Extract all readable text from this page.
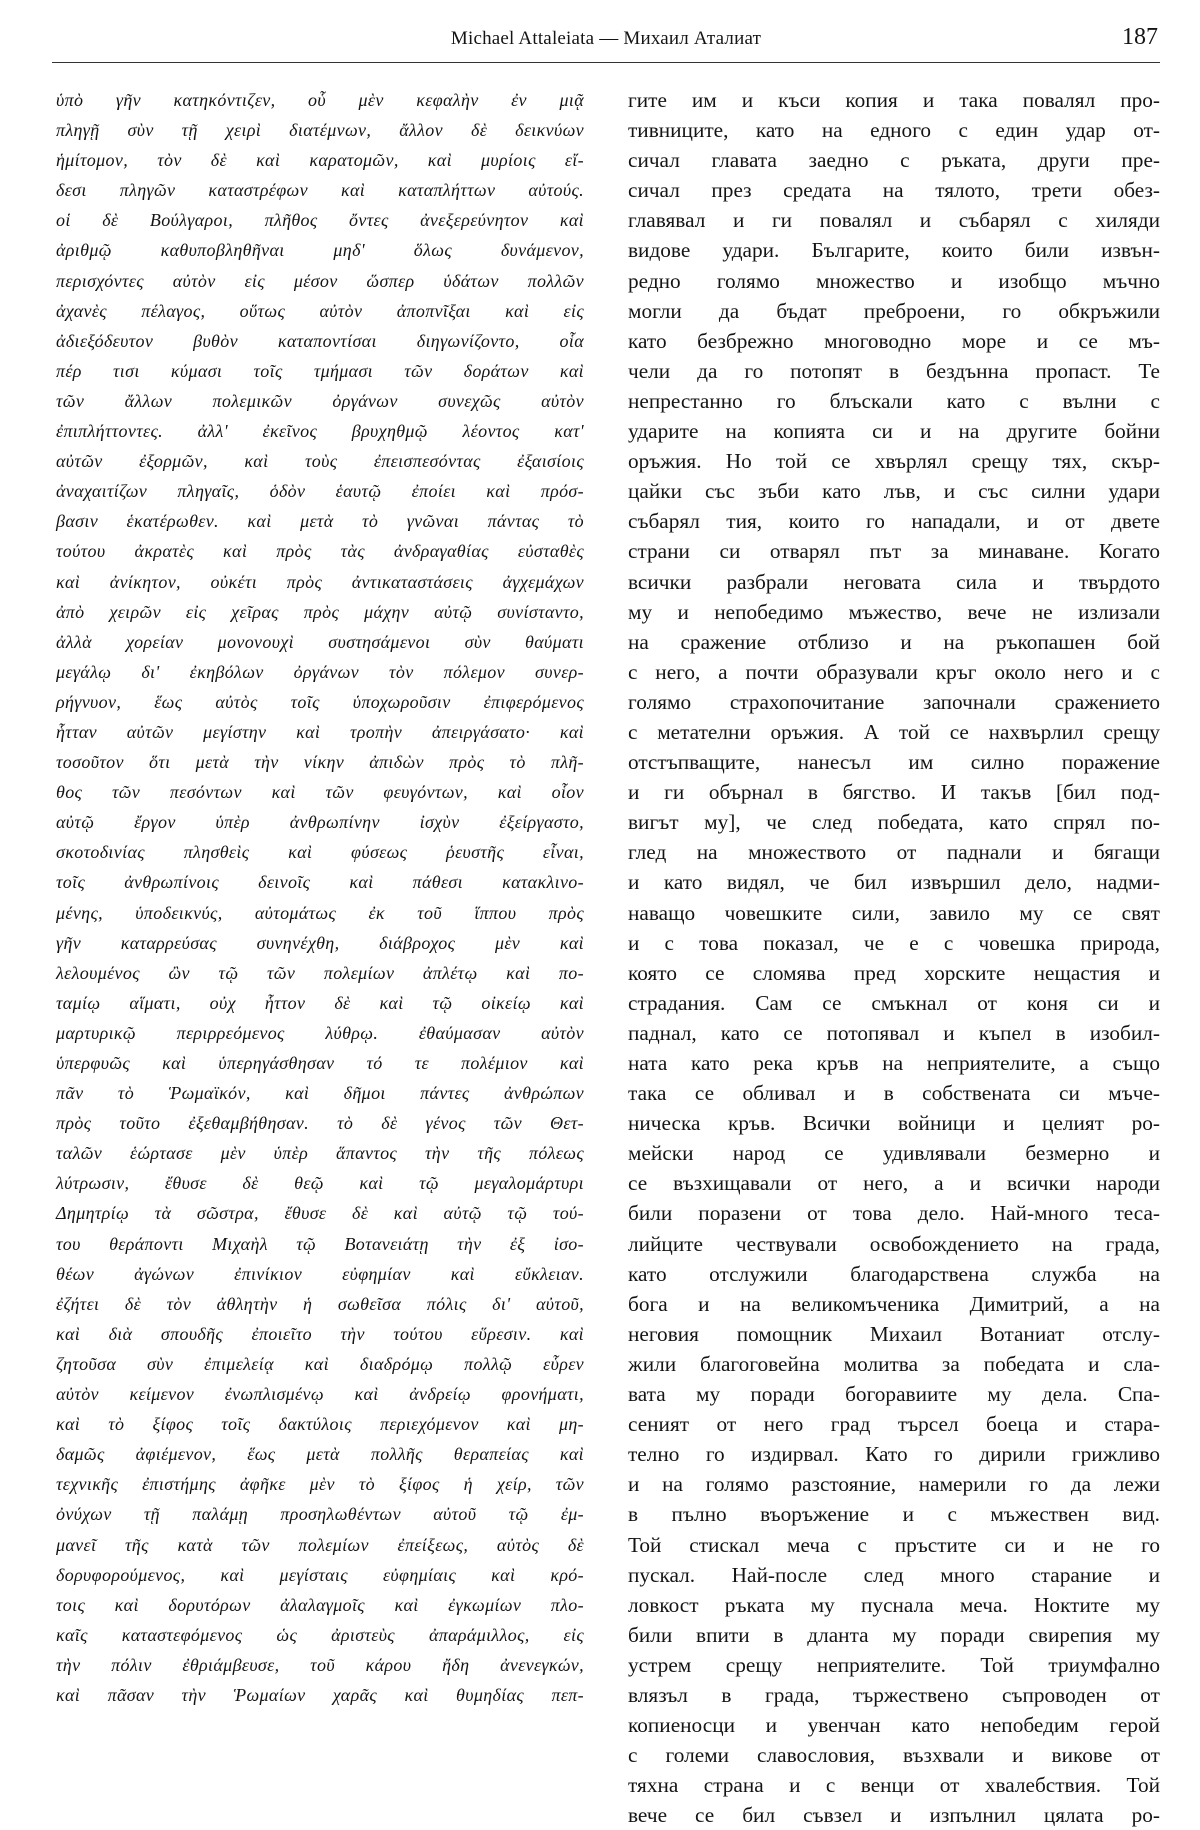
Michael Attaleiata — Михаил Аталиат	187
ὑπὸ γῆν κατηκόντιζεν, οὗ μὲν κεφαλὴν ἐν μιᾷ
πληγῇ σὺν τῇ χειρὶ διατέμνων, ἄλλον δὲ δεικνύων
ἡμίτομον, τὸν δὲ καὶ καρατομῶν, καὶ μυρίοις εἴ-
δεσι πληγῶν καταστρέφων καὶ καταπλήττων αὐτούς.
οἱ δὲ Βούλγαροι, πλῆθος ὄντες ἀνεξερεύνητον καὶ
ἀριθμῷ καθυποβληθῆναι μηδ' ὅλως δυνάμενον,
περισχόντες αὐτὸν εἰς μέσον ὥσπερ ὑδάτων πολλῶν
ἀχανὲς πέλαγος, οὕτως αὐτὸν ἀποπνῖξαι καὶ εἰς
ἀδιεξόδευτον βυθὸν καταποντίσαι διηγωνίζοντο, οἷα
πέρ τισι κύμασι τοῖς τμήμασι τῶν δοράτων καὶ
τῶν ἄλλων πολεμικῶν ὀργάνων συνεχῶς αὐτὸν
ἐπιπλήττοντες. ἀλλ' ἐκεῖνος βρυχηθμῷ λέοντος κατ'
αὐτῶν ἐξορμῶν, καὶ τοὺς ἐπεισπεσόντας ἐξαισίοις
ἀναχαιτίζων πληγαῖς, ὁδὸν ἑαυτῷ ἐποίει καὶ πρόσ-
βασιν ἑκατέρωθεν. καὶ μετὰ τὸ γνῶναι πάντας τὸ
τούτου ἀκρατὲς καὶ πρὸς τὰς ἀνδραγαθίας εὐσταθὲς
καὶ ἀνίκητον, οὐκέτι πρὸς ἀντικαταστάσεις ἀγχεμάχων
ἀπὸ χειρῶν εἰς χεῖρας πρὸς μάχην αὐτῷ συνίσταντο,
ἀλλὰ χορείαν μονονουχὶ συστησάμενοι σὺν θαύματι
μεγάλῳ δι' ἐκηβόλων ὀργάνων τὸν πόλεμον συνερ-
ρήγνυον, ἕως αὐτὸς τοῖς ὑποχωροῦσιν ἐπιφερόμενος
ἧτταν αὐτῶν μεγίστην καὶ τροπὴν ἀπειργάσατο· καὶ
τοσοῦτον ὅτι μετὰ τὴν νίκην ἀπιδὼν πρὸς τὸ πλῆ-
θος τῶν πεσόντων καὶ τῶν φευγόντων, καὶ οἷον
αὐτῷ ἔργον ὑπὲρ ἀνθρωπίνην ἰσχὺν ἐξείργαστο,
σκοτοδινίας πλησθεὶς καὶ φύσεως ῥευστῆς εἶναι,
τοῖς ἀνθρωπίνοις δεινοῖς καὶ πάθεσι κατακλινο-
μένης, ὑποδεικνύς, αὐτομάτως ἐκ τοῦ ἵππου πρὸς
γῆν καταρρεύσας συνηνέχθη, διάβροχος μὲν καὶ
λελουμένος ὢν τῷ τῶν πολεμίων ἀπλέτῳ καὶ πο-
ταμίῳ αἵματι, οὐχ ἧττον δὲ καὶ τῷ οἰκείῳ καὶ
μαρτυρικῷ περιρρεόμενος λύθρῳ. ἐθαύμασαν αὐτὸν
ὑπερφυῶς καὶ ὑπερηγάσθησαν τό τε πολέμιον καὶ
πᾶν τὸ Ῥωμαϊκόν, καὶ δῆμοι πάντες ἀνθρώπων
πρὸς τοῦτο ἐξεθαμβήθησαν. τὸ δὲ γένος τῶν Θετ-
ταλῶν ἑώρτασε μὲν ὑπὲρ ἅπαντος τὴν τῆς πόλεως
λύτρωσιν, ἔθυσε δὲ θεῷ καὶ τῷ μεγαλομάρτυρι
Δημητρίῳ τὰ σῶστρα, ἔθυσε δὲ καὶ αὐτῷ τῷ τού-
του θεράποντι Μιχαὴλ τῷ Βοτανειάτῃ τὴν ἐξ ἰσο-
θέων ἀγώνων ἐπινίκιον εὐφημίαν καὶ εὔκλειαν.
ἐζήτει δὲ τὸν ἀθλητὴν ἡ σωθεῖσα πόλις δι' αὐτοῦ,
καὶ διὰ σπουδῆς ἐποιεῖτο τὴν τούτου εὕρεσιν. καὶ
ζητοῦσα σὺν ἐπιμελείᾳ καὶ διαδρόμῳ πολλῷ εὗρεν
αὐτὸν κείμενον ἐνωπλισμένῳ καὶ ἀνδρείῳ φρονήματι,
καὶ τὸ ξίφος τοῖς δακτύλοις περιεχόμενον καὶ μη-
δαμῶς ἀφιέμενον, ἕως μετὰ πολλῆς θεραπείας καὶ
τεχνικῆς ἐπιστήμης ἀφῆκε μὲν τὸ ξίφος ἡ χείρ, τῶν
ὀνύχων τῇ παλάμῃ προσηλωθέντων αὐτοῦ τῷ ἐμ-
μανεῖ τῆς κατὰ τῶν πολεμίων ἐπείξεως, αὐτὸς δὲ
δορυφορούμενος, καὶ μεγίσταις εὐφημίαις καὶ κρό-
τοις καὶ δορυτόρων ἀλαλαγμοῖς καὶ ἐγκωμίων πλο-
καῖς καταστεφόμενος ὡς ἀριστεὺς ἀπαράμιλλος, εἰς
τὴν πόλιν ἐθριάμβευσε, τοῦ κάρου ἤδη ἀνενεγκών,
καὶ πᾶσαν τὴν Ῥωμαίων χαρᾶς καὶ θυμηδίας πεπ-
гите им и къси копия и така повалял про-
тивниците, като на едного с един удар от-
сичал главата заедно с ръката, други пре-
сичал през средата на тялото, трети обез-
главявал и ги повалял и събарял с хиляди
видове удари. Българите, които били извън-
редно голямо множество и изобщо мъчно
могли да бъдат преброени, го обкръжили
като безбрежно многоводно море и се мъ-
чели да го потопят в бездънна пропаст. Те
непрестанно го блъскали като с вълни с
ударите на копията си и на другите бойни
оръжия. Но той се хвърлял срещу тях, скър-
цайки със зъби като лъв, и със силни удари
събарял тия, които го нападали, и от двете
страни си отварял път за минаване. Когато
всички разбрали неговата сила и твърдото
му и непобедимо мъжество, вече не излизали
на сражение отблизо и на ръкопашен бой
с него, а почти образували кръг около него и с
голямо страхопочитание започнали сражението
с метателни оръжия. А той се нахвърлил срещу
отстъпващите, нанесъл им силно поражение
и ги обърнал в бягство. И такъв [бил под-
вигът му], че след победата, като спрял по-
глед на множеството от паднали и бягащи
и като видял, че бил извършил дело, надми-
наващо човешките сили, завило му се свят
и с това показал, че е с човешка природа,
която се сломява пред хорските нещастия и
страдания. Сам се смъкнал от коня си и
паднал, като се потопявал и къпел в изобил-
ната като река кръв на неприятелите, а също
така се обливал и в собствената си мъче-
ническа кръв. Всички войници и целият ро-
мейски народ се удивлявали безмерно и
се възхищавали от него, а и всички народи
били поразени от това дело. Най-много теса-
лийците чествували освобождението на града,
като отслужили благодарствена служба на
бога и на великомъченика Димитрий, а на
неговия помощник Михаил Вотаниат отслу-
жили благоговейна молитва за победата и сла-
вата му поради богоравиите му дела. Спа-
сеният от него град търсел боеца и стара-
телно го издирвал. Като го дирили грижливо
и на голямо разстояние, намерили го да лежи
в пълно въоръжение и с мъжествен вид.
Той стискал меча с пръстите си и не го
пускал. Най-после след много старание и
ловкост ръката му пуснала меча. Ноктите му
били впити в дланта му поради свирепия му
устрем срещу неприятелите. Той триумфално
влязъл в града, тържествено съпроводен от
копиеносци и увенчан като непобедим герой
с големи славословия, възхвали и викове от
тяхна страна и с венци от хвалебствия. Той
вече се бил съвзел и изпълнил цялата ро-
